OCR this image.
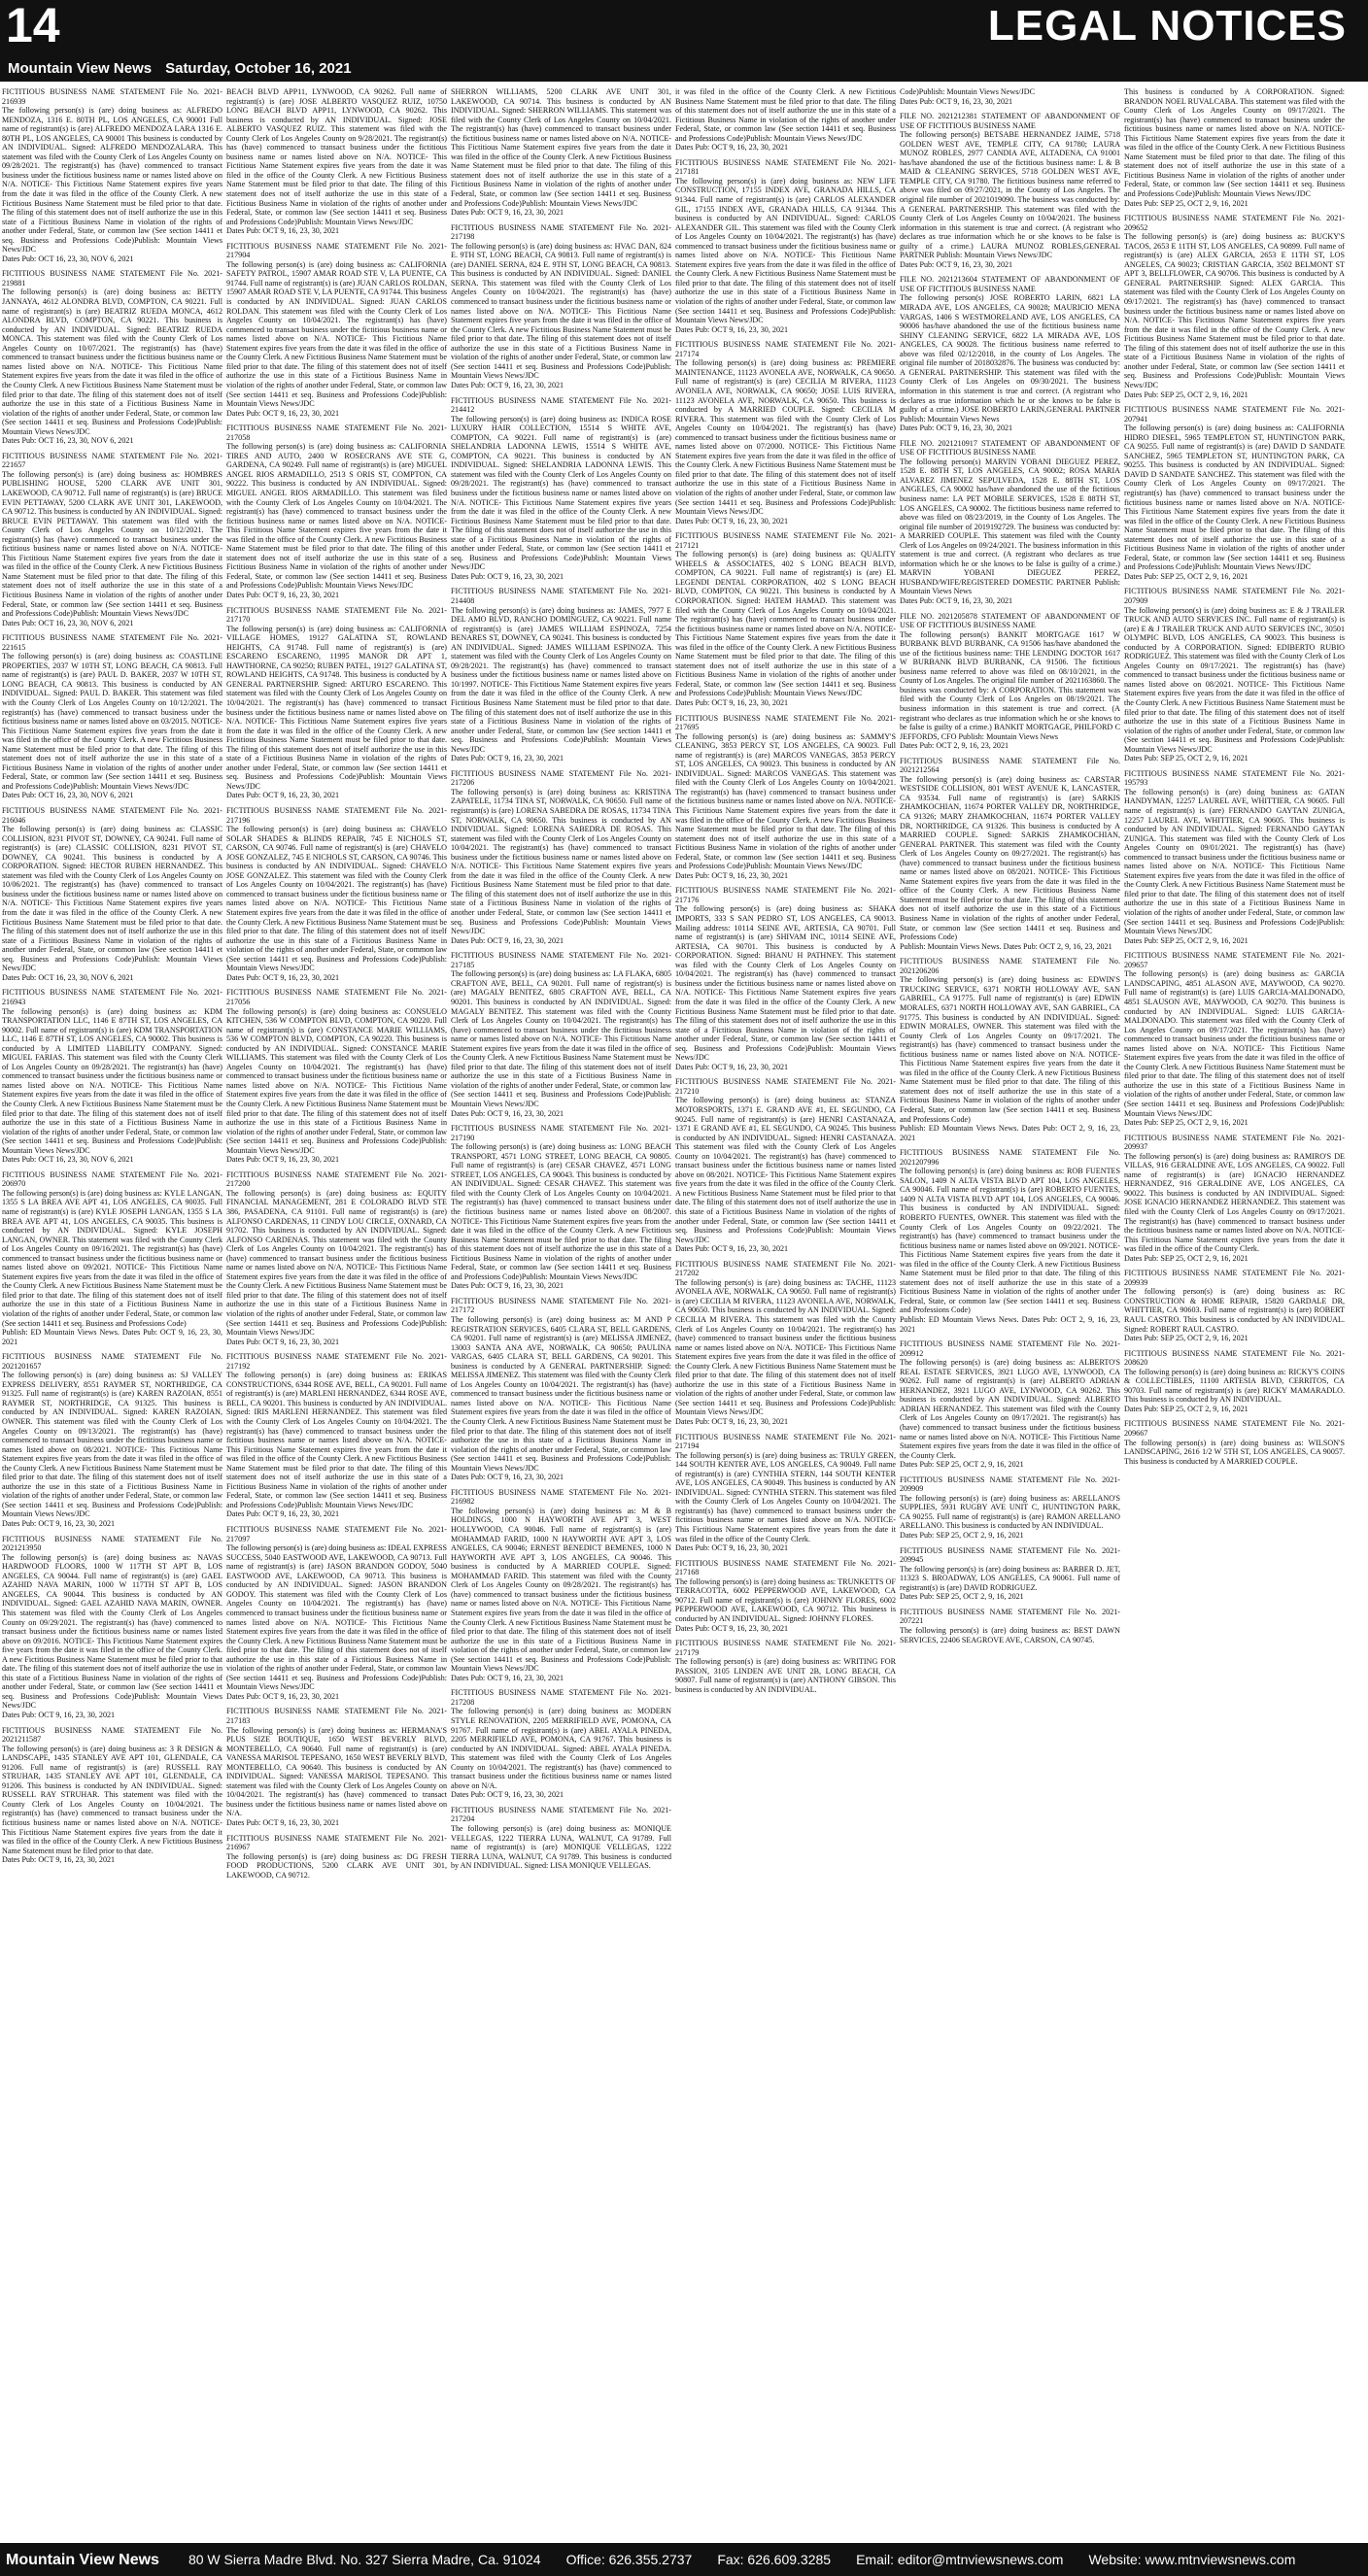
14	LEGAL NOTICES
Mountain View News Saturday, October 16, 2021
FICTITIOUS BUSINESS NAME STATEMENT File No. 2021-216939
The following person(s) is (are) doing business as: ALFREDO MENDOZA, 1316 E. 80TH PL, LOS ANGELES, CA 90001 Full name of registrant(s) is (are) ALFREDO MENDOZA LARA 1316 E. 80TH PL, LOS ANGELES, CA 90001 This business is conducted by AN INDIVIDUAL. Signed: ALFREDO MENDOZALARA. This statement was filed with the County Clerk of Los Angeles County on 09/28/2021. The registrant(s) has (have) commenced to transact business under the fictitious business name or names listed above on N/A. NOTICE- This Fictitious Name Statement expires five years from the date it was filed in the office of the County Clerk. A new Fictitious Business Name Statement must be filed prior to that date. The filing of this statement does not of itself authorize the use in this state of a Fictitious Business Name in violation of the rights of another under Federal, State, or common law (See section 14411 et seq. Business and Professions Code)Publish: Mountain Views News/JDC
Dates Pub: OCT 16, 23, 30, NOV 6, 2021
FICTITIOUS BUSINESS NAME STATEMENT File No. 2021-219881
The following person(s) is (are) doing business as: BETTY JANNAYA, 4612 ALONDRA BLVD, COMPTON, CA 90221. Full name of registrant(s) is (are) BEATRIZ RUEDA MONCA, 4612 ALONDRA BLVD, COMPTON, CA 90221. This business is conducted by AN INDIVIDUAL. Signed: BEATRIZ RUEDA MONCA. This statement was filed with the County Clerk of Los Angeles County on 10/07/2021. The registrant(s) has (have) commenced to transact business under the fictitious business name or names listed above on N/A. NOTICE- This Fictitious Name Statement expires five years from the date it was filed in the office of the County Clerk. A new Fictitious Business Name Statement must be filed prior to that date. The filing of this statement does not of itself authorize the use in this state of a Fictitious Business Name in violation of the rights of another under Federal, State, or common law (See section 14411 et seq. Business and Professions Code)Publish: Mountain Views News/JDC
Dates Pub: OCT 16, 23, 30, NOV 6, 2021
FICTITIOUS BUSINESS NAME STATEMENT File No. 2021-221657
The following person(s) is (are) doing business as: HOMBRES PUBLISHING HOUSE, 5200 CLARK AVE UNIT 301, LAKEWOOD, CA 90712. Full name of registrant(s) is (are) BRUCE EVIN PETTAWAY, 5200 CLARK AVE UNIT 301, LAKEWOOD, CA 90712. This business is conducted by AN INDIVIDUAL. Signed: BRUCE EVIN PETTAWAY. This statement was filed with the County Clerk of Los Angeles County on 10/12/2021. The registrant(s) has (have) commenced to transact business under the fictitious business name or names listed above on N/A. NOTICE- This Fictitious Name Statement expires five years from the date it was filed in the office of the County Clerk. A new Fictitious Business Name Statement must be filed prior to that date. The filing of this statement does not of itself authorize the use in this state of a Fictitious Business Name in violation of the rights of another under Federal, State, or common law (See section 14411 et seq. Business and Professions Code)Publish: Mountain Views News/JDC
Dates Pub: OCT 16, 23, 30, NOV 6, 2021
FICTITIOUS BUSINESS NAME STATEMENT File No. 2021-221615
The following person(s) is (are) doing business as: COASTLINE PROPERTIES, 2037 W 10TH ST, LONG BEACH, CA 90813. Full name of registrant(s) is (are) PAUL D. BAKER, 2037 W 10TH ST, LONG BEACH, CA 90813. This business is conducted by AN INDIVIDUAL. Signed: PAUL D. BAKER. This statement was filed with the County Clerk of Los Angeles County on 10/12/2021. The registrant(s) has (have) commenced to transact business under the fictitious business name or names listed above on 03/2015. NOTICE- This Fictitious Name Statement expires five years from the date it was filed in the office of the County Clerk. A new Fictitious Business Name Statement must be filed prior to that date. The filing of this statement does not of itself authorize the use in this state of a Fictitious Business Name in violation of the rights of another under Federal, State, or common law (See section 14411 et seq. Business and Professions Code)Publish: Mountain Views News/JDC
Dates Pub: OCT 16, 23, 30, NOV 6, 2021
FICTITIOUS BUSINESS NAME STATEMENT File No. 2021-216046
The following person(s) is (are) doing business as: CLASSIC COLLISION, 8231 PIVOT ST, DOWNEY, CA 90241. Full name of registrant(s) is (are) CLASSIC COLLISION, 8231 PIVOT ST, DOWNEY, CA 90241. This business is conducted by A CORPORATION. Signed: HECTOR RUBEN HERNANDEZ. This statement was filed with the County Clerk of Los Angeles County on 10/06/2021. The registrant(s) has (have) commenced to transact business under the fictitious business name or names listed above on N/A. NOTICE- This Fictitious Name Statement expires five years from the date it was filed in the office of the County Clerk. A new Fictitious Business Name Statement must be filed prior to that date. The filing of this statement does not of itself authorize the use in this state of a Fictitious Business Name in violation of the rights of another under Federal, State, or common law (See section 14411 et seq. Business and Professions Code)Publish: Mountain Views News/JDC
Dates Pub: OCT 16, 23, 30, NOV 6, 2021
FICTITIOUS BUSINESS NAME STATEMENT File No. 2021-216943
The following person(s) is (are) doing business as: KDM TRANSPORTATION LLC, 1146 E 87TH ST, LOS ANGELES, CA 90002. Full name of registrant(s) is (are) KDM TRANSPORTATION LLC, 1146 E 87TH ST, LOS ANGELES, CA 90002. This business is conducted by A LIMITED LIABILITY COMPANY. Signed: MIGUEL FARIAS. This statement was filed with the County Clerk of Los Angeles County on 09/28/2021. The registrant(s) has (have) commenced to transact business under the fictitious business name or names listed above on N/A. NOTICE- This Fictitious Name Statement expires five years from the date it was filed in the office of the County Clerk. A new Fictitious Business Name Statement must be filed prior to that date. The filing of this statement does not of itself authorize the use in this state of a Fictitious Business Name in violation of the rights of another under Federal, State, or common law (See section 14411 et seq. Business and Professions Code)Publish: Mountain Views News/JDC
Dates Pub: OCT 16, 23, 30, NOV 6, 2021
FICTITIOUS BUSINESS NAME STATEMENT File No. 2021-206970
The following person(s) is (are) doing business as: KYLE LANGAN, 1355 S LA BREA AVE APT 41, LOS ANGELES, CA 90035. Full name of registrant(s) is (are) KYLE JOSEPH LANGAN, 1355 S LA BREA AVE APT 41, LOS ANGELES, CA 90035. This business is conducted by AN INDIVIDUAL. Signed: KYLE JOSEPH LANGAN, OWNER. This statement was filed with the County Clerk of Los Angeles County on 09/16/2021. The registrant(s) has (have) commenced to transact business under the fictitious business name or names listed above on 09/2021. NOTICE- This Fictitious Name Statement expires five years from the date it was filed in the office of the County Clerk. A new Fictitious Business Name Statement must be filed prior to that date. The filing of this statement does not of itself authorize the use in this state of a Fictitious Business Name in violation of the rights of another under Federal, State, or common law (See section 14411 et seq. Business and Professions Code)
Publish: ED Mountain Views News. Dates Pub: OCT 9, 16, 23, 30, 2021
FICTITIOUS BUSINESS NAME STATEMENT File No. 2021201657
The following person(s) is (are) doing business as: SJ VALLEY EXPRESS DELIVERY, 8551 RAYMER ST, NORTHRIDGE, CA 91325. Full name of registrant(s) is (are) KAREN RAZOIAN, 8551 RAYMER ST, NORTHRIDGE, CA 91325. This business is conducted by AN INDIVIDUAL. Signed: KAREN RAZOIAN, OWNER. This statement was filed with the County Clerk of Los Angeles County on 09/13/2021. The registrant(s) has (have) commenced to transact business under the fictitious business name or names listed above on 08/2021. NOTICE- This Fictitious Name Statement expires five years from the date it was filed in the office of the County Clerk. A new Fictitious Business Name Statement must be filed prior to that date. The filing of this statement does not of itself authorize the use in this state of a Fictitious Business Name in violation of the rights of another under Federal, State, or common law (See section 14411 et seq. Business and Professions Code)Publish: Mountain Views News/JDC
Dates Pub: OCT 9, 16, 23, 30, 2021
FICTITIOUS BUSINESS NAME STATEMENT File No. 2021213950
The following person(s) is (are) doing business as: NAVAS HARDWOOD FLOORS, 1000 W 117TH ST APT B, LOS ANGELES, CA 90044. Full name of registrant(s) is (are) GAEL AZAHID NAVA MARIN, 1000 W 117TH ST APT B, LOS ANGELES, CA 90044. This business is conducted by AN INDIVIDUAL. Signed: GAEL AZAHID NAVA MARIN, OWNER. This statement was filed with the County Clerk of Los Angeles County on 09/29/2021. The registrant(s) has (have) commenced to transact business under the fictitious business name or names listed above on 09/2016. NOTICE- This Fictitious Name Statement expires five years from the date it was filed in the office of the County Clerk. A new Fictitious Business Name Statement must be filed prior to that date. The filing of this statement does not of itself authorize the use in this state of a Fictitious Business Name in violation of the rights of another under Federal, State, or common law (See section 14411 et seq. Business and Professions Code)Publish: Mountain Views News/JDC
Dates Pub: OCT 9, 16, 23, 30, 2021
FICTITIOUS BUSINESS NAME STATEMENT File No. 2021211587
The following person(s) is (are) doing business as: 3 R DESIGN & LANDSCAPE, 1435 STANLEY AVE APT 101, GLENDALE, CA 91206. Full name of registrant(s) is (are) RUSSELL RAY STRUHAR, 1435 STANLEY AVE APT 101, GLENDALE, CA 91206. This business is conducted by AN INDIVIDUAL. Signed: RUSSELL RAY STRUHAR. This statement was filed with the County Clerk of Los Angeles County on 10/04/2021. The registrant(s) has (have) commenced to transact business under the fictitious business name or names listed above on N/A. NOTICE- This Fictitious Name Statement expires five years from the date it was filed in the office of the County Clerk. A new Fictitious Business Name Statement must be filed prior to that date.
Dates Pub: OCT 9, 16, 23, 30, 2021
BEACH BLVD APP11, LYNWOOD, CA 90262. Full name of registrant(s) is (are) JOSE ALBERTO VASQUEZ RUIZ, 10750 LONG BEACH BLVD APP11, LYNWOOD, CA 90262. This business is conducted by AN INDIVIDUAL. Signed: JOSE ALBERTO VASQUEZ RUIZ. This statement was filed with the County Clerk of Los Angeles County on 9/28/2021. The registrant(s) has (have) commenced to transact business under the fictitious business name or names listed above on N/A. NOTICE- This Fictitious Name Statement expires five years from the date it was filed in the office of the County Clerk. A new Fictitious Business Name Statement must be filed prior to that date. The filing of this statement does not of itself authorize the use in this state of a Fictitious Business Name in violation of the rights of another under Federal, State, or common law (See section 14411 et seq. Business and Professions Code)Publish: Mountain Views News/JDC
Dates Pub: OCT 9, 16, 23, 30, 2021
FICTITIOUS BUSINESS NAME STATEMENT File No. 2021-217904
The following person(s) is (are) doing business as: CALIFORNIA SAFETY PATROL, 15907 AMAR ROAD STE V, LA PUENTE, CA 91744. Full name of registrant(s) is (are) JUAN CARLOS ROLDAN, 15907 AMAR ROAD STE V, LA PUENTE, CA 91744. This business is conducted by AN INDIVIDUAL. Signed: JUAN CARLOS ROLDAN. This statement was filed with the County Clerk of Los Angeles County on 10/04/2021. The registrant(s) has (have) commenced to transact business under the fictitious business name or names listed above on N/A. NOTICE- This Fictitious Name Statement expires five years from the date it was filed in the office of the County Clerk. A new Fictitious Business Name Statement must be filed prior to that date. The filing of this statement does not of itself authorize the use in this state of a Fictitious Business Name in violation of the rights of another under Federal, State, or common law (See section 14411 et seq. Business and Professions Code)Publish: Mountain Views News/JDC
Dates Pub: OCT 9, 16, 23, 30, 2021
FICTITIOUS BUSINESS NAME STATEMENT File No. 2021-217058
The following person(s) is (are) doing business as: CALIFORNIA TIRES AND AUTO, 2400 W ROSECRANS AVE STE G, GARDENA, CA 90249. Full name of registrant(s) is (are) MIGUEL ANGEL RIOS ARMADILLO, 2513 S ORIS ST, COMPTON, CA 90222. This business is conducted by AN INDIVIDUAL. Signed: MIGUEL ANGEL RIOS ARMADILLO. This statement was filed with the County Clerk of Los Angeles County on 10/04/2021. The registrant(s) has (have) commenced to transact business under the fictitious business name or names listed above on N/A. NOTICE- This Fictitious Name Statement expires five years from the date it was filed in the office of the County Clerk. A new Fictitious Business Name Statement must be filed prior to that date. The filing of this statement does not of itself authorize the use in this state of a Fictitious Business Name in violation of the rights of another under Federal, State, or common law (See section 14411 et seq. Business and Professions Code)Publish: Mountain Views News/JDC
Dates Pub: OCT 9, 16, 23, 30, 2021
FICTITIOUS BUSINESS NAME STATEMENT File No. 2021-217170
The following person(s) is (are) doing business as: CALIFORNIA VILLAGE HOMES, 19127 GALATINA ST, ROWLAND HEIGHTS, CA 91748. Full name of registrant(s) is (are) ESCARENO ESCARENO, 11995 MANOR DR APT 1, HAWTHORNE, CA 90250; RUBEN PATEL, 19127 GALATINA ST, ROWLAND HEIGHTS, CA 91748. This business is conducted by A GENERAL PARTNERSHIP. Signed: ARTURO ESCARENO. This statement was filed with the County Clerk of Los Angeles County on 10/04/2021. The registrant(s) has (have) commenced to transact business under the fictitious business name or names listed above on N/A. NOTICE- This Fictitious Name Statement expires five years from the date it was filed in the office of the County Clerk. A new Fictitious Business Name Statement must be filed prior to that date. The filing of this statement does not of itself authorize the use in this state of a Fictitious Business Name in violation of the rights of another under Federal, State, or common law (See section 14411 et seq. Business and Professions Code)Publish: Mountain Views News/JDC
Dates Pub: OCT 9, 16, 23, 30, 2021
FICTITIOUS BUSINESS NAME STATEMENT File No. 2021-217196
The following person(s) is (are) doing business as: CHAVELO SOLAR SHADES & BLINDS REPAIR, 745 E NICHOLS ST, CARSON, CA 90746. Full name of registrant(s) is (are) CHAVELO JOSE GONZALEZ, 745 E NICHOLS ST, CARSON, CA 90746. This business is conducted by AN INDIVIDUAL. Signed: CHAVELO JOSE GONZALEZ. This statement was filed with the County Clerk of Los Angeles County on 10/04/2021. The registrant(s) has (have) commenced to transact business under the fictitious business name or names listed above on N/A. NOTICE- This Fictitious Name Statement expires five years from the date it was filed in the office of the County Clerk. A new Fictitious Business Name Statement must be filed prior to that date. The filing of this statement does not of itself authorize the use in this state of a Fictitious Business Name in violation of the rights of another under Federal, State, or common law (See section 14411 et seq. Business and Professions Code)Publish: Mountain Views News/JDC
Dates Pub: OCT 9, 16, 23, 30, 2021
FICTITIOUS BUSINESS NAME STATEMENT File No. 2021-217056
The following person(s) is (are) doing business as: CONSUELO KITCHEN, 536 W COMPTON BLVD, COMPTON, CA 90220. Full name of registrant(s) is (are) CONSTANCE MARIE WILLIAMS, 536 W COMPTON BLVD, COMPTON, CA 90220. This business is conducted by AN INDIVIDUAL. Signed: CONSTANCE MARIE WILLIAMS. This statement was filed with the County Clerk of Los Angeles County on 10/04/2021. The registrant(s) has (have) commenced to transact business under the fictitious business name or names listed above on N/A. NOTICE- This Fictitious Name Statement expires five years from the date it was filed in the office of the County Clerk. A new Fictitious Business Name Statement must be filed prior to that date. The filing of this statement does not of itself authorize the use in this state of a Fictitious Business Name in violation of the rights of another under Federal, State, or common law (See section 14411 et seq. Business and Professions Code)Publish: Mountain Views News/JDC
Dates Pub: OCT 9, 16, 23, 30, 2021
FICTITIOUS BUSINESS NAME STATEMENT File No. 2021-217200
The following person(s) is (are) doing business as: EQUITY FINANCIAL MANAGEMENT, 281 E COLORADO BLVD STE 386, PASADENA, CA 91101. Full name of registrant(s) is (are) ALFONSO CARDENAS, 11 CINDY LOU CIRCLE, OXNARD, CA 91702. This business is conducted by AN INDIVIDUAL. Signed: ALFONSO CARDENAS. This statement was filed with the County Clerk of Los Angeles County on 10/04/2021. The registrant(s) has (have) commenced to transact business under the fictitious business name or names listed above on N/A. NOTICE- This Fictitious Name Statement expires five years from the date it was filed in the office of the County Clerk. A new Fictitious Business Name Statement must be filed prior to that date. The filing of this statement does not of itself authorize the use in this state of a Fictitious Business Name in violation of the rights of another under Federal, State, or common law (See section 14411 et seq. Business and Professions Code)Publish: Mountain Views News/JDC
Dates Pub: OCT 9, 16, 23, 30, 2021
FICTITIOUS BUSINESS NAME STATEMENT File No. 2021-217192
The following person(s) is (are) doing business as: ERIKAS CONSTRUCTIONS, 6344 ROSE AVE, BELL, CA 90201. Full name of registrant(s) is (are) MARLENI HERNANDEZ, 6344 ROSE AVE, BELL, CA 90201. This business is conducted by AN INDIVIDUAL. Signed: IRIS MARLENI HERNANDEZ. This statement was filed with the County Clerk of Los Angeles County on 10/04/2021. The registrant(s) has (have) commenced to transact business under the fictitious business name or names listed above on N/A. NOTICE- This Fictitious Name Statement expires five years from the date it was filed in the office of the County Clerk. A new Fictitious Business Name Statement must be filed prior to that date. The filing of this statement does not of itself authorize the use in this state of a Fictitious Business Name in violation of the rights of another under Federal, State, or common law (See section 14411 et seq. Business and Professions Code)Publish: Mountain Views News/JDC
Dates Pub: OCT 9, 16, 23, 30, 2021
FICTITIOUS BUSINESS NAME STATEMENT File No. 2021-217097
The following person(s) is (are) doing business as: IDEAL EXPRESS SUCCESS, 5040 EASTWOOD AVE, LAKEWOOD, CA 90713. Full name of registrant(s) is (are) JASON BRANDON GODOY, 5040 EASTWOOD AVE, LAKEWOOD, CA 90713. This business is conducted by AN INDIVIDUAL. Signed: JASON BRANDON GODOY. This statement was filed with the County Clerk of Los Angeles County on 10/04/2021. The registrant(s) has (have) commenced to transact business under the fictitious business name or names listed above on N/A. NOTICE- This Fictitious Name Statement expires five years from the date it was filed in the office of the County Clerk. A new Fictitious Business Name Statement must be filed prior to that date. The filing of this statement does not of itself authorize the use in this state of a Fictitious Business Name in violation of the rights of another under Federal, State, or common law (See section 14411 et seq. Business and Professions Code)Publish: Mountain Views News/JDC
Dates Pub: OCT 9, 16, 23, 30, 2021
FICTITIOUS BUSINESS NAME STATEMENT File No. 2021-217183
The following person(s) is (are) doing business as: HERMANA'S PLUS SIZE BOUTIQUE, 1650 WEST BEVERLY BLVD, MONTEBELLO, CA 90640. Full name of registrant(s) is (are) VANESSA MARISOL TEPESANO, 1650 WEST BEVERLY BLVD, MONTEBELLO, CA 90640. This business is conducted by AN INDIVIDUAL. Signed: VANESSA MARISOL TEPESANO. This statement was filed with the County Clerk of Los Angeles County on 10/04/2021. The registrant(s) has (have) commenced to transact business under the fictitious business name or names listed above on N/A.
Dates Pub: OCT 9, 16, 23, 30, 2021
FICTITIOUS BUSINESS NAME STATEMENT File No. 2021-216967
The following person(s) is (are) doing business as: DG FRESH FOOD PRODUCTIONS, 5200 CLARK AVE UNIT 301, LAKEWOOD, CA 90712.
SHERRON WILLIAMS, 5200 CLARK AVE UNIT 301, LAKEWOOD, CA 90714. This business is conducted by AN INDIVIDUAL. Signed: SHERRON WILLIAMS. This statement was filed with the County Clerk of Los Angeles County on 10/04/2021. The registrant(s) has (have) commenced to transact business under the fictitious business name or names listed above on N/A. NOTICE- This Fictitious Name Statement expires five years from the date it was filed in the office of the County Clerk. A new Fictitious Business Name Statement must be filed prior to that date. The filing of this statement does not of itself authorize the use in this state of a Fictitious Business Name in violation of the rights of another under Federal, State, or common law (See section 14411 et seq. Business and Professions Code)Publish: Mountain Views News/JDC
Dates Pub: OCT 9, 16, 23, 30, 2021
FICTITIOUS BUSINESS NAME STATEMENT File No. 2021-217198
The following person(s) is (are) doing business as: HVAC DAN, 824 E. 9TH ST, LONG BEACH, CA 90813. Full name of registrant(s) is (are) DANIEL SERNA, 824 E. 9TH ST, LONG BEACH, CA 90813. This business is conducted by AN INDIVIDUAL. Signed: DANIEL SERNA. This statement was filed with the County Clerk of Los Angeles County on 10/04/2021. The registrant(s) has (have) commenced to transact business under the fictitious business name or names listed above on N/A. NOTICE- This Fictitious Name Statement expires five years from the date it was filed in the office of the County Clerk. A new Fictitious Business Name Statement must be filed prior to that date. The filing of this statement does not of itself authorize the use in this state of a Fictitious Business Name in violation of the rights of another under Federal, State, or common law (See section 14411 et seq. Business and Professions Code)Publish: Mountain Views News/JDC
Dates Pub: OCT 9, 16, 23, 30, 2021
FICTITIOUS BUSINESS NAME STATEMENT File No. 2021-214412
The following person(s) is (are) doing business as: INDICA ROSE LUXURY HAIR COLLECTION, 15514 S WHITE AVE, COMPTON, CA 90221. Full name of registrant(s) is (are) SHELANDRIA LADONNA LEWIS, 15514 S WHITE AVE, COMPTON, CA 90221. This business is conducted by AN INDIVIDUAL. Signed: SHELANDRIA LADONNA LEWIS. This statement was filed with the County Clerk of Los Angeles County on 09/28/2021. The registrant(s) has (have) commenced to transact business under the fictitious business name or names listed above on N/A. NOTICE- This Fictitious Name Statement expires five years from the date it was filed in the office of the County Clerk. A new Fictitious Business Name Statement must be filed prior to that date. The filing of this statement does not of itself authorize the use in this state of a Fictitious Business Name in violation of the rights of another under Federal, State, or common law (See section 14411 et seq. Business and Professions Code)Publish: Mountain Views News/JDC
Dates Pub: OCT 9, 16, 23, 30, 2021
FICTITIOUS BUSINESS NAME STATEMENT File No. 2021-214408
The following person(s) is (are) doing business as: JAMES, 7977 E DEL AMO BLVD, RANCHO DOMINGUEZ, CA 90221. Full name of registrant(s) is (are) JAMES WILLIAM ESPINOZA, 7254 BENARES ST, DOWNEY, CA 90241. This business is conducted by AN INDIVIDUAL. Signed: JAMES WILLIAM ESPINOZA. This statement was filed with the County Clerk of Los Angeles County on 09/28/2021. The registrant(s) has (have) commenced to transact business under the fictitious business name or names listed above on 10/1997. NOTICE- This Fictitious Name Statement expires five years from the date it was filed in the office of the County Clerk. A new Fictitious Business Name Statement must be filed prior to that date. The filing of this statement does not of itself authorize the use in this state of a Fictitious Business Name in violation of the rights of another under Federal, State, or common law (See section 14411 et seq. Business and Professions Code)Publish: Mountain Views News/JDC
Dates Pub: OCT 9, 16, 23, 30, 2021
FICTITIOUS BUSINESS NAME STATEMENT File No. 2021-217206
The following person(s) is (are) doing business as: KRISTINA ZAPATELE, 11734 TINA ST, NORWALK, CA 90650. Full name of registrant(s) is (are) LORENA SABEDRA DE ROSAS, 11734 TINA ST, NORWALK, CA 90650. This business is conducted by AN INDIVIDUAL. Signed: LORENA SABEDRA DE ROSAS. This statement was filed with the County Clerk of Los Angeles County on 10/04/2021. The registrant(s) has (have) commenced to transact business under the fictitious business name or names listed above on N/A. NOTICE- This Fictitious Name Statement expires five years from the date it was filed in the office of the County Clerk. A new Fictitious Business Name Statement must be filed prior to that date. The filing of this statement does not of itself authorize the use in this state of a Fictitious Business Name in violation of the rights of another under Federal, State, or common law (See section 14411 et seq. Business and Professions Code)Publish: Mountain Views News/JDC
Dates Pub: OCT 9, 16, 23, 30, 2021
FICTITIOUS BUSINESS NAME STATEMENT File No. 2021-217185
The following person(s) is (are) doing business as: LA FLAKA, 6805 CRAFTON AVE, BELL, CA 90201. Full name of registrant(s) is (are) MAGALY BENITEZ, 6805 CRAFTON AVE, BELL, CA 90201. This business is conducted by AN INDIVIDUAL. Signed: MAGALY BENITEZ. This statement was filed with the County Clerk of Los Angeles County on 10/04/2021. The registrant(s) has (have) commenced to transact business under the fictitious business name or names listed above on N/A. NOTICE- This Fictitious Name Statement expires five years from the date it was filed in the office of the County Clerk. A new Fictitious Business Name Statement must be filed prior to that date. The filing of this statement does not of itself authorize the use in this state of a Fictitious Business Name in violation of the rights of another under Federal, State, or common law (See section 14411 et seq. Business and Professions Code)Publish: Mountain Views News/JDC
Dates Pub: OCT 9, 16, 23, 30, 2021
FICTITIOUS BUSINESS NAME STATEMENT File No. 2021-217190
The following person(s) is (are) doing business as: LONG BEACH TRANSPORT, 4571 LONG STREET, LONG BEACH, CA 90805. Full name of registrant(s) is (are) CESAR CHAVEZ, 4571 LONG STREET, LOS ANGELES, CA 90043. This business is conducted by AN INDIVIDUAL. Signed: CESAR CHAVEZ. This statement was filed with the County Clerk of Los Angeles County on 10/04/2021. The registrant(s) has (have) commenced to transact business under the fictitious business name or names listed above on 08/2007. NOTICE- This Fictitious Name Statement expires five years from the date it was filed in the office of the County Clerk. A new Fictitious Business Name Statement must be filed prior to that date. The filing of this statement does not of itself authorize the use in this state of a Fictitious Business Name in violation of the rights of another under Federal, State, or common law (See section 14411 et seq. Business and Professions Code)Publish: Mountain Views News/JDC
Dates Pub: OCT 9, 16, 23, 30, 2021
FICTITIOUS BUSINESS NAME STATEMENT File No. 2021-217172
The following person(s) is (are) doing business as: M AND P REGISTRATION SERVICES, 6405 CLARA ST, BELL GARDENS, CA 90201. Full name of registrant(s) is (are) MELISSA JIMENEZ, 13003 SANTA ANA AVE, NORWALK, CA 90650; PAULINA VARGAS, 6405 CLARA ST, BELL GARDENS, CA 90201. This business is conducted by A GENERAL PARTNERSHIP. Signed: MELISSA JIMENEZ. This statement was filed with the County Clerk of Los Angeles County on 10/04/2021. The registrant(s) has (have) commenced to transact business under the fictitious business name or names listed above on N/A. NOTICE- This Fictitious Name Statement expires five years from the date it was filed in the office of the County Clerk. A new Fictitious Business Name Statement must be filed prior to that date. The filing of this statement does not of itself authorize the use in this state of a Fictitious Business Name in violation of the rights of another under Federal, State, or common law (See section 14411 et seq. Business and Professions Code)Publish: Mountain Views News/JDC
Dates Pub: OCT 9, 16, 23, 30, 2021
FICTITIOUS BUSINESS NAME STATEMENT File No. 2021-216982
The following person(s) is (are) doing business as: M & B HOLDINGS, 1000 N HAYWORTH AVE APT 3, WEST HOLLYWOOD, CA 90046. Full name of registrant(s) is (are) MOHAMMAD FARID, 1000 N HAYWORTH AVE APT 3, LOS ANGELES, CA 90046; ERNEST BENEDICT BEMENES, 1000 N HAYWORTH AVE APT 3, LOS ANGELES, CA 90046. This business is conducted by A MARRIED COUPLE. Signed: MOHAMMAD FARID. This statement was filed with the County Clerk of Los Angeles County on 09/28/2021. The registrant(s) has (have) commenced to transact business under the fictitious business name or names listed above on N/A. NOTICE- This Fictitious Name Statement expires five years from the date it was filed in the office of the County Clerk. A new Fictitious Business Name Statement must be filed prior to that date. The filing of this statement does not of itself authorize the use in this state of a Fictitious Business Name in violation of the rights of another under Federal, State, or common law (See section 14411 et seq. Business and Professions Code)Publish: Mountain Views News/JDC
Dates Pub: OCT 9, 16, 23, 30, 2021
FICTITIOUS BUSINESS NAME STATEMENT File No. 2021-217208
The following person(s) is (are) doing business as: MODERN STYLE RENOVATION, 2205 MERRIFIELD AVE, POMONA, CA 91767. Full name of registrant(s) is (are) ABEL AYALA PINEDA, 2205 MERRIFIELD AVE, POMONA, CA 91767. This business is conducted by AN INDIVIDUAL. Signed: ABEL AYALA PINEDA. This statement was filed with the County Clerk of Los Angeles County on 10/04/2021. The registrant(s) has (have) commenced to transact business under the fictitious business name or names listed above on N/A.
Dates Pub: OCT 9, 16, 23, 30, 2021
FICTITIOUS BUSINESS NAME STATEMENT File No. 2021-217204
The following person(s) is (are) doing business as: MONIQUE VELLEGAS, 1222 TIERRA LUNA, WALNUT, CA 91789. Full name of registrant(s) is (are) MONIQUE VELLEGAS, 1222 TIERRA LUNA, WALNUT, CA 91789. This business is conducted by AN INDIVIDUAL. Signed: LISA MONIQUE VELLEGAS.
it was filed in the office of the County Clerk. A new Fictitious Business Name Statement must be filed prior to that date. The filing of this statement does not of itself authorize the use in this state of a Fictitious Business Name in violation of the rights of another under Federal, State, or common law (See section 14411 et seq. Business and Professions Code)Publish: Mountain Views News/JDC
Dates Pub: OCT 9, 16, 23, 30, 2021
FICTITIOUS BUSINESS NAME STATEMENT File No. 2021-217181
The following person(s) is (are) doing business as: NEW LIFE CONSTRUCTION, 17155 INDEX AVE, GRANADA HILLS, CA 91344. Full name of registrant(s) is (are) CARLOS ALEXANDER GIL, 17155 INDEX AVE, GRANADA HILLS, CA 91344. This business is conducted by AN INDIVIDUAL. Signed: CARLOS ALEXANDER GIL. This statement was filed with the County Clerk of Los Angeles County on 10/04/2021. The registrant(s) has (have) commenced to transact business under the fictitious business name or names listed above on N/A. NOTICE- This Fictitious Name Statement expires five years from the date it was filed in the office of the County Clerk. A new Fictitious Business Name Statement must be filed prior to that date. The filing of this statement does not of itself authorize the use in this state of a Fictitious Business Name in violation of the rights of another under Federal, State, or common law (See section 14411 et seq. Business and Professions Code)Publish: Mountain Views News/JDC
Dates Pub: OCT 9, 16, 23, 30, 2021
FICTITIOUS BUSINESS NAME STATEMENT File No. 2021-217174
The following person(s) is (are) doing business as: PREMIERE MAINTENANCE, 11123 AVONELA AVE, NORWALK, CA 90650. Full name of registrant(s) is (are) CECILIA M RIVERA, 11123 AVONELA AVE, NORWALK, CA 90650; JOSE LUIS RIVERA, 11123 AVONELA AVE, NORWALK, CA 90650. This business is conducted by A MARRIED COUPLE. Signed: CECILIA M RIVERA. This statement was filed with the County Clerk of Los Angeles County on 10/04/2021. The registrant(s) has (have) commenced to transact business under the fictitious business name or names listed above on 07/2000. NOTICE- This Fictitious Name Statement expires five years from the date it was filed in the office of the County Clerk. A new Fictitious Business Name Statement must be filed prior to that date. The filing of this statement does not of itself authorize the use in this state of a Fictitious Business Name in violation of the rights of another under Federal, State, or common law (See section 14411 et seq. Business and Professions Code)Publish: Mountain Views News/JDC
Dates Pub: OCT 9, 16, 23, 30, 2021
FICTITIOUS BUSINESS NAME STATEMENT File No. 2021-217121
The following person(s) is (are) doing business as: QUALITY WHEELS & ASSOCIATES, 402 S LONG BEACH BLVD, COMPTON, CA 90221. Full name of registrant(s) is (are) EL LEGENDI DENTAL CORPORATION, 402 S LONG BEACH BLVD, COMPTON, CA 90221. This business is conducted by A CORPORATION. Signed: HATEM HAMAD. This statement was filed with the County Clerk of Los Angeles County on 10/04/2021. The registrant(s) has (have) commenced to transact business under the fictitious business name or names listed above on N/A. NOTICE- This Fictitious Name Statement expires five years from the date it was filed in the office of the County Clerk. A new Fictitious Business Name Statement must be filed prior to that date. The filing of this statement does not of itself authorize the use in this state of a Fictitious Business Name in violation of the rights of another under Federal, State, or common law (See section 14411 et seq. Business and Professions Code)Publish: Mountain Views News/JDC
Dates Pub: OCT 9, 16, 23, 30, 2021
FICTITIOUS BUSINESS NAME STATEMENT File No. 2021-217695
The following person(s) is (are) doing business as: SAMMY'S CLEANING, 3853 PERCY ST, LOS ANGELES, CA 90023. Full name of registrant(s) is (are) MARCOS VANEGAS, 3853 PERCY ST, LOS ANGELES, CA 90023. This business is conducted by AN INDIVIDUAL. Signed: MARCOS VANEGAS. This statement was filed with the County Clerk of Los Angeles County on 10/04/2021. The registrant(s) has (have) commenced to transact business under the fictitious business name or names listed above on N/A. NOTICE- This Fictitious Name Statement expires five years from the date it was filed in the office of the County Clerk. A new Fictitious Business Name Statement must be filed prior to that date. The filing of this statement does not of itself authorize the use in this state of a Fictitious Business Name in violation of the rights of another under Federal, State, or common law (See section 14411 et seq. Business and Professions Code)Publish: Mountain Views News/JDC
Dates Pub: OCT 9, 16, 23, 30, 2021
FICTITIOUS BUSINESS NAME STATEMENT File No. 2021-217176
The following person(s) is (are) doing business as: SHAKA IMPORTS, 333 S SAN PEDRO ST, LOS ANGELES, CA 90013. Mailing address: 10114 SEINE AVE, ARTESIA, CA 90701. Full name of registrant(s) is (are) SHIVAM INC, 10114 SEINE AVE, ARTESIA, CA 90701. This business is conducted by A CORPORATION. Signed: BHANU H PATHNEY. This statement was filed with the County Clerk of Los Angeles County on 10/04/2021. The registrant(s) has (have) commenced to transact business under the fictitious business name or names listed above on N/A. NOTICE- This Fictitious Name Statement expires five years from the date it was filed in the office of the County Clerk. A new Fictitious Business Name Statement must be filed prior to that date. The filing of this statement does not of itself authorize the use in this state of a Fictitious Business Name in violation of the rights of another under Federal, State, or common law (See section 14411 et seq. Business and Professions Code)Publish: Mountain Views News/JDC
Dates Pub: OCT 9, 16, 23, 30, 2021
FICTITIOUS BUSINESS NAME STATEMENT File No. 2021-217210
The following person(s) is (are) doing business as: STANZA MOTORSPORTS, 1371 E. GRAND AVE #1, EL SEGUNDO, CA 90245. Full name of registrant(s) is (are) HENRI CASTANAZA, 1371 E GRAND AVE #1, EL SEGUNDO, CA 90245. This business is conducted by AN INDIVIDUAL. Signed: HENRI CASTANAZA. This statement was filed with the County Clerk of Los Angeles County on 10/04/2021. The registrant(s) has (have) commenced to transact business under the fictitious business name or names listed above on 08/2021. NOTICE- This Fictitious Name Statement expires five years from the date it was filed in the office of the County Clerk. A new Fictitious Business Name Statement must be filed prior to that date. The filing of this statement does not of itself authorize the use in this state of a Fictitious Business Name in violation of the rights of another under Federal, State, or common law (See section 14411 et seq. Business and Professions Code)Publish: Mountain Views News/JDC
Dates Pub: OCT 9, 16, 23, 30, 2021
FICTITIOUS BUSINESS NAME STATEMENT File No. 2021-217202
The following person(s) is (are) doing business as: TACHE, 11123 AVONELA AVE, NORWALK, CA 90650. Full name of registrant(s) is (are) CECILIA M RIVERA, 11123 AVONELA AVE, NORWALK, CA 90650. This business is conducted by AN INDIVIDUAL. Signed: CECILIA M RIVERA. This statement was filed with the County Clerk of Los Angeles County on 10/04/2021. The registrant(s) has (have) commenced to transact business under the fictitious business name or names listed above on N/A. NOTICE- This Fictitious Name Statement expires five years from the date it was filed in the office of the County Clerk. A new Fictitious Business Name Statement must be filed prior to that date. The filing of this statement does not of itself authorize the use in this state of a Fictitious Business Name in violation of the rights of another under Federal, State, or common law (See section 14411 et seq. Business and Professions Code)Publish: Mountain Views News/JDC
Dates Pub: OCT 9, 16, 23, 30, 2021
FICTITIOUS BUSINESS NAME STATEMENT File No. 2021-217194
The following person(s) is (are) doing business as: TRULY GREEN, 144 SOUTH KENTER AVE, LOS ANGELES, CA 90049. Full name of registrant(s) is (are) CYNTHIA STERN, 144 SOUTH KENTER AVE, LOS ANGELES, CA 90049. This business is conducted by AN INDIVIDUAL. Signed: CYNTHIA STERN. This statement was filed with the County Clerk of Los Angeles County on 10/04/2021. The registrant(s) has (have) commenced to transact business under the fictitious business name or names listed above on N/A. NOTICE- This Fictitious Name Statement expires five years from the date it was filed in the office of the County Clerk.
Dates Pub: OCT 9, 16, 23, 30, 2021
FICTITIOUS BUSINESS NAME STATEMENT File No. 2021-217168
The following person(s) is (are) doing business as: TRUNKETTS OF TERRACOTTA, 6002 PEPPERWOOD AVE, LAKEWOOD, CA 90712. Full name of registrant(s) is (are) JOHNNY FLORES, 6002 PEPPERWOOD AVE, LAKEWOOD, CA 90712. This business is conducted by AN INDIVIDUAL. Signed: JOHNNY FLORES.
Dates Pub: OCT 9, 16, 23, 30, 2021
FICTITIOUS BUSINESS NAME STATEMENT File No. 2021-217179
The following person(s) is (are) doing business as: WRITING FOR PASSION, 3105 LINDEN AVE UNIT 2B, LONG BEACH, CA 90807. Full name of registrant(s) is (are) ANTHONY GIBSON. This business is conducted by AN INDIVIDUAL.
Code)Publish: Mountain Views News/JDC
Dates Pub: OCT 9, 16, 23, 30, 2021
FILE NO. 2021212381 STATEMENT OF ABANDONMENT OF USE OF FICTITIOUS BUSINESS NAME
The following person(s) BETSABE HERNANDEZ JAIME, 5718 GOLDEN WEST AVE, TEMPLE CITY, CA 91780; LAURA MUNOZ ROBLES, 2977 CANDIA AVE, ALTADENA, CA 91001 has/have abandoned the use of the fictitious business name: L & B MAID & CLEANING SERVICES, 5718 GOLDEN WEST AVE, TEMPLE CITY, CA 91780. The fictitious business name referred to above was filed on 09/27/2021, in the County of Los Angeles. The original file number of 2021019090. The business was conducted by: A GENERAL PARTNERSHIP. This statement was filed with the County Clerk of Los Angeles County on 10/04/2021. The business information in this statement is true and correct. (A registrant who declares as true information which he or she knows to be false is guilty of a crime.) LAURA MUNOZ ROBLES,GENERAL PARTNER Publish: Mountain Views News/JDC
Dates Pub: OCT 9, 16, 23, 30, 2021
FILE NO. 2021213604 STATEMENT OF ABANDONMENT OF USE OF FICTITIOUS BUSINESS NAME
The following person(s) JOSE ROBERTO LARIN, 6821 LA MIRADA AVE, LOS ANGELES, CA 90028; MAURICIO MENA VARGAS, 1406 S WESTMORELAND AVE, LOS ANGELES, CA 90006 has/have abandoned the use of the fictitious business name SHINY CLEANING SERVICE, 6822 LA MIRADA AVE, LOS ANGELES, CA 90028. The fictitious business name referred to above was filed 02/12/2018, in the county of Los Angeles. The original file number of 2018032876. The business was conducted by: A GENERAL PARTNERSHIP. This statement was filed with the County Clerk of Los Angeles on 09/30/2021. The business information in this statement is true and correct. (A registrant who declares as true information which he or she knows to be false is guilty of a crime.) JOSE ROBERTO LARIN,GENERAL PARTNER Publish: Mountain Views News
Dates Pub: OCT 9, 16, 23, 30, 2021
FILE NO. 2021210917 STATEMENT OF ABANDONMENT OF USE OF FICTITIOUS BUSINESS NAME
The following person(s) MARVIN YOBANI DIEGUEZ PEREZ, 1528 E. 88TH ST, LOS ANGELES, CA 90002; ROSA MARIA ALVAREZ JIMENEZ SEPULVEDA, 1528 E. 88TH ST, LOS ANGELES, CA 90002 has/have abandoned the use of the fictitious business name: LA PET MOBILE SERVICES, 1528 E 88TH ST, LOS ANGELES, CA 90002. The fictitious business name referred to above was filed on 08/23/2019, in the County of Los Angeles. The original file number of 2019192729. The business was conducted by: A MARRIED COUPLE. This statement was filed with the County Clerk of Los Angeles on 09/24/2021. The business information in this statement is true and correct. (A registrant who declares as true information which he or she knows to be false is guilty of a crime.) MARVIN YOBANI DIEGUEZ PEREZ, HUSBAND/WIFE/REGISTERED DOMESTIC PARTNER Publish: Mountain Views News
Dates Pub: OCT 9, 16, 23, 30, 2021
FILE NO. 2021205878 STATEMENT OF ABANDONMENT OF USE OF FICTITIOUS BUSINESS NAME
The following person(s) BANKIT MORTGAGE 1617 W BURBANK BLVD BURBANK, CA 91506 has/have abandoned the use of the fictitious business name: THE LENDING DOCTOR 1617 W BURBANK BLVD BURBANK, CA 91506. The fictitious business name referred to above was filed on 08/10/2021, in the County of Los Angeles. The original file number of 2021163860. The business was conducted by: A CORPORATION. This statement was filed with the County Clerk of Los Angeles on 08/19/2021. The business information in this statement is true and correct. (A registrant who declares as true information which he or she knows to be false is guilty of a crime.) BANKIT MORTGAGE, PHILFORD C JEFFORDS, CFO Publish: Mountain Views News
Dates Pub: OCT 2, 9, 16, 23, 2021
FICTITIOUS BUSINESS NAME STATEMENT File No. 2021212564
The following person(s) is (are) doing business as: CARSTAR WESTSIDE COLLISION, 801 WEST AVENUE K, LANCASTER, CA 93534. Full name of registrant(s) is (are) SARKIS ZHAMKOCHIAN, 11674 PORTER VALLEY DR, NORTHRIDGE, CA 91326; MARY ZHAMKOCHIAN, 11674 PORTER VALLEY DR, NORTHRIDGE, CA 91326. This business is conducted by A MARRIED COUPLE. Signed: SARKIS ZHAMKOCHIAN, GENERAL PARTNER. This statement was filed with the County Clerk of Los Angeles County on 09/27/2021. The registrant(s) has (have) commenced to transact business under the fictitious business name or names listed above on 08/2021. NOTICE- This Fictitious Name Statement expires five years from the date it was filed in the office of the County Clerk. A new Fictitious Business Name Statement must be filed prior to that date. The filing of this statement does not of itself authorize the use in this state of a Fictitious Business Name in violation of the rights of another under Federal, State, or common law (See section 14411 et seq. Business and Professions Code)
Publish: Mountain Views News. Dates Pub: OCT 2, 9, 16, 23, 2021
FICTITIOUS BUSINESS NAME STATEMENT File No. 2021206206
The following person(s) is (are) doing business as: EDWIN'S TRUCKING SERVICE, 6371 NORTH HOLLOWAY AVE, SAN GABRIEL, CA 91775. Full name of registrant(s) is (are) EDWIN MORALES, 6371 NORTH HOLLOWAY AVE, SAN GABRIEL, CA 91775. This business is conducted by AN INDIVIDUAL. Signed: EDWIN MORALES, OWNER. This statement was filed with the County Clerk of Los Angeles County on 09/17/2021. The registrant(s) has (have) commenced to transact business under the fictitious business name or names listed above on N/A. NOTICE- This Fictitious Name Statement expires five years from the date it was filed in the office of the County Clerk. A new Fictitious Business Name Statement must be filed prior to that date. The filing of this statement does not of itself authorize the use in this state of a Fictitious Business Name in violation of the rights of another under Federal, State, or common law (See section 14411 et seq. Business and Professions Code)
Publish: ED Mountain Views News. Dates Pub: OCT 2, 9, 16, 23, 2021
FICTITIOUS BUSINESS NAME STATEMENT File No. 2021207996
The following person(s) is (are) doing business as: ROB FUENTES SALON, 1409 N ALTA VISTA BLVD APT 104, LOS ANGELES, CA 90046. Full name of registrant(s) is (are) ROBERTO FUENTES, 1409 N ALTA VISTA BLVD APT 104, LOS ANGELES, CA 90046. This business is conducted by AN INDIVIDUAL. Signed: ROBERTO FUENTES, OWNER. This statement was filed with the County Clerk of Los Angeles County on 09/22/2021. The registrant(s) has (have) commenced to transact business under the fictitious business name or names listed above on 09/2021. NOTICE- This Fictitious Name Statement expires five years from the date it was filed in the office of the County Clerk. A new Fictitious Business Name Statement must be filed prior to that date. The filing of this statement does not of itself authorize the use in this state of a Fictitious Business Name in violation of the rights of another under Federal, State, or common law (See section 14411 et seq. Business and Professions Code)
Publish: ED Mountain Views News. Dates Pub: OCT 2, 9, 16, 23, 2021
FICTITIOUS BUSINESS NAME STATEMENT File No. 2021-209912
The following person(s) is (are) doing business as: ALBERTO'S REAL ESTATE SERVICES, 3921 LUGO AVE, LYNWOOD, CA 90262. Full name of registrant(s) is (are) ALBERTO ADRIAN HERNANDEZ, 3921 LUGO AVE, LYNWOOD, CA 90262. This business is conducted by AN INDIVIDUAL. Signed: ALBERTO ADRIAN HERNANDEZ. This statement was filed with the County Clerk of Los Angeles County on 09/17/2021. The registrant(s) has (have) commenced to transact business under the fictitious business name or names listed above on N/A. NOTICE- This Fictitious Name Statement expires five years from the date it was filed in the office of the County Clerk.
Dates Pub: SEP 25, OCT 2, 9, 16, 2021
FICTITIOUS BUSINESS NAME STATEMENT File No. 2021-209909
The following person(s) is (are) doing business as: ARELLANO'S SUPPLIES, 5931 RUGBY AVE UNIT C, HUNTINGTON PARK, CA 90255. Full name of registrant(s) is (are) RAMON ARELLANO ARELLANO. This business is conducted by AN INDIVIDUAL.
Dates Pub: SEP 25, OCT 2, 9, 16, 2021
FICTITIOUS BUSINESS NAME STATEMENT File No. 2021-209945
The following person(s) is (are) doing business as: BARBER D. JET, 11323 S. BROADWAY, LOS ANGELES, CA 90061. Full name of registrant(s) is (are) DAVID RODRIGUEZ.
Dates Pub: SEP 25, OCT 2, 9, 16, 2021
FICTITIOUS BUSINESS NAME STATEMENT File No. 2021-207221
The following person(s) is (are) doing business as: BEST DAWN SERVICES, 22406 SEAGROVE AVE, CARSON, CA 90745.
This business is conducted by A CORPORATION. Signed: BRANDON NOEL RUVALCABA. This statement was filed with the County Clerk of Los Angeles County on 09/17/2021. The registrant(s) has (have) commenced to transact business under the fictitious business name or names listed above on N/A. NOTICE- This Fictitious Name Statement expires five years from the date it was filed in the office of the County Clerk. A new Fictitious Business Name Statement must be filed prior to that date. The filing of this statement does not of itself authorize the use in this state of a Fictitious Business Name in violation of the rights of another under Federal, State, or common law (See section 14411 et seq. Business and Professions Code)Publish: Mountain Views News/JDC
Dates Pub: SEP 25, OCT 2, 9, 16, 2021
FICTITIOUS BUSINESS NAME STATEMENT File No. 2021-209652
The following person(s) is (are) doing business as: BUCKY'S TACOS, 2653 E 11TH ST, LOS ANGELES, CA 90899. Full name of registrant(s) is (are) ALEX GARCIA, 2653 E 11TH ST, LOS ANGELES, CA 90023; CRISTIAN GARCIA, 3502 BELMONT ST APT 3, BELLFLOWER, CA 90706. This business is conducted by A GENERAL PARTNERSHIP. Signed: ALEX GARCIA. This statement was filed with the County Clerk of Los Angeles County on 09/17/2021. The registrant(s) has (have) commenced to transact business under the fictitious business name or names listed above on N/A. NOTICE- This Fictitious Name Statement expires five years from the date it was filed in the office of the County Clerk. A new Fictitious Business Name Statement must be filed prior to that date. The filing of this statement does not of itself authorize the use in this state of a Fictitious Business Name in violation of the rights of another under Federal, State, or common law (See section 14411 et seq. Business and Professions Code)Publish: Mountain Views News/JDC
Dates Pub: SEP 25, OCT 2, 9, 16, 2021
FICTITIOUS BUSINESS NAME STATEMENT File No. 2021-207941
The following person(s) is (are) doing business as: CALIFORNIA HIDRO DIESEL, 5965 TEMPLETON ST, HUNTINGTON PARK, CA 90255. Full name of registrant(s) is (are) DAVID D SANDATE SANCHEZ, 5965 TEMPLETON ST, HUNTINGTON PARK, CA 90255. This business is conducted by AN INDIVIDUAL. Signed: DAVID D SANDATE SANCHEZ. This statement was filed with the County Clerk of Los Angeles County on 09/17/2021. The registrant(s) has (have) commenced to transact business under the fictitious business name or names listed above on N/A. NOTICE- This Fictitious Name Statement expires five years from the date it was filed in the office of the County Clerk. A new Fictitious Business Name Statement must be filed prior to that date. The filing of this statement does not of itself authorize the use in this state of a Fictitious Business Name in violation of the rights of another under Federal, State, or common law (See section 14411 et seq. Business and Professions Code)Publish: Mountain Views News/JDC
Dates Pub: SEP 25, OCT 2, 9, 16, 2021
FICTITIOUS BUSINESS NAME STATEMENT File No. 2021-207909
The following person(s) is (are) doing business as: E & J TRAILER TRUCK AND AUTO SERVICES INC. Full name of registrant(s) is (are) E & J TRAILER TRUCK AND AUTO SERVICES INC, 30501 OLYMPIC BLVD, LOS ANGELES, CA 90023. This business is conducted by A CORPORATION. Signed: EDIBERTO RUBIO RODRIGUEZ. This statement was filed with the County Clerk of Los Angeles County on 09/17/2021. The registrant(s) has (have) commenced to transact business under the fictitious business name or names listed above on 08/2021. NOTICE- This Fictitious Name Statement expires five years from the date it was filed in the office of the County Clerk. A new Fictitious Business Name Statement must be filed prior to that date. The filing of this statement does not of itself authorize the use in this state of a Fictitious Business Name in violation of the rights of another under Federal, State, or common law (See section 14411 et seq. Business and Professions Code)Publish: Mountain Views News/JDC
Dates Pub: SEP 25, OCT 2, 9, 16, 2021
FICTITIOUS BUSINESS NAME STATEMENT File No. 2021-195793
The following person(s) is (are) doing business as: GATAN HANDYMAN, 12257 LAUREL AVE, WHITTIER, CA 90605. Full name of registrant(s) is (are) FERNANDO GAYTAN ZUNIGA, 12257 LAUREL AVE, WHITTIER, CA 90605. This business is conducted by AN INDIVIDUAL. Signed: FERNANDO GAYTAN ZUNIGA. This statement was filed with the County Clerk of Los Angeles County on 09/01/2021. The registrant(s) has (have) commenced to transact business under the fictitious business name or names listed above on N/A. NOTICE- This Fictitious Name Statement expires five years from the date it was filed in the office of the County Clerk. A new Fictitious Business Name Statement must be filed prior to that date. The filing of this statement does not of itself authorize the use in this state of a Fictitious Business Name in violation of the rights of another under Federal, State, or common law (See section 14411 et seq. Business and Professions Code)Publish: Mountain Views News/JDC
Dates Pub: SEP 25, OCT 2, 9, 16, 2021
FICTITIOUS BUSINESS NAME STATEMENT File No. 2021-209657
The following person(s) is (are) doing business as: GARCIA LANDSCAPING, 4851 ALASON AVE, MAYWOOD, CA 90270. Full name of registrant(s) is (are) LUIS GARCIA-MALDONADO, 4851 SLAUSON AVE, MAYWOOD, CA 90270. This business is conducted by AN INDIVIDUAL. Signed: LUIS GARCIA-MALDONADO. This statement was filed with the County Clerk of Los Angeles County on 09/17/2021. The registrant(s) has (have) commenced to transact business under the fictitious business name or names listed above on N/A. NOTICE- This Fictitious Name Statement expires five years from the date it was filed in the office of the County Clerk. A new Fictitious Business Name Statement must be filed prior to that date. The filing of this statement does not of itself authorize the use in this state of a Fictitious Business Name in violation of the rights of another under Federal, State, or common law (See section 14411 et seq. Business and Professions Code)Publish: Mountain Views News/JDC
Dates Pub: SEP 25, OCT 2, 9, 16, 2021
FICTITIOUS BUSINESS NAME STATEMENT File No. 2021-209937
The following person(s) is (are) doing business as: RAMIRO'S DE VILLAS, 916 GERALDINE AVE, LOS ANGELES, CA 90022. Full name of registrant(s) is (are) IGNACIO HERNANDEZ HERNANDEZ, 916 GERALDINE AVE, LOS ANGELES, CA 90022. This business is conducted by AN INDIVIDUAL. Signed: JOSE IGNACIO HERNANDEZ HERNANDEZ. This statement was filed with the County Clerk of Los Angeles County on 09/17/2021. The registrant(s) has (have) commenced to transact business under the fictitious business name or names listed above on N/A. NOTICE- This Fictitious Name Statement expires five years from the date it was filed in the office of the County Clerk.
Dates Pub: SEP 25, OCT 2, 9, 16, 2021
FICTITIOUS BUSINESS NAME STATEMENT File No. 2021-209939
The following person(s) is (are) doing business as: RC CONSTRUCTION & HOME REPAIR, 15820 GARDALE DR, WHITTIER, CA 90603. Full name of registrant(s) is (are) ROBERT RAUL CASTRO. This business is conducted by AN INDIVIDUAL. Signed: ROBERT RAUL CASTRO.
Dates Pub: SEP 25, OCT 2, 9, 16, 2021
FICTITIOUS BUSINESS NAME STATEMENT File No. 2021-208620
The following person(s) is (are) doing business as: RICKY'S COINS & COLLECTIBLES, 11100 ARTESIA BLVD, CERRITOS, CA 90703. Full name of registrant(s) is (are) RICKY MAMARADLO. This business is conducted by AN INDIVIDUAL.
Dates Pub: SEP 25, OCT 2, 9, 16, 2021
FICTITIOUS BUSINESS NAME STATEMENT File No. 2021-209667
The following person(s) is (are) doing business as: WILSON'S LANDSCAPING, 2616 1/2 W 5TH ST, LOS ANGELES, CA 90057. This business is conducted by A MARRIED COUPLE.
Mountain View News 80 W Sierra Madre Blvd. No. 327 Sierra Madre, Ca. 91024 Office: 626.355.2737 Fax: 626.609.3285 Email: editor@mtnviewsnews.com Website: www.mtnviewsnews.com
